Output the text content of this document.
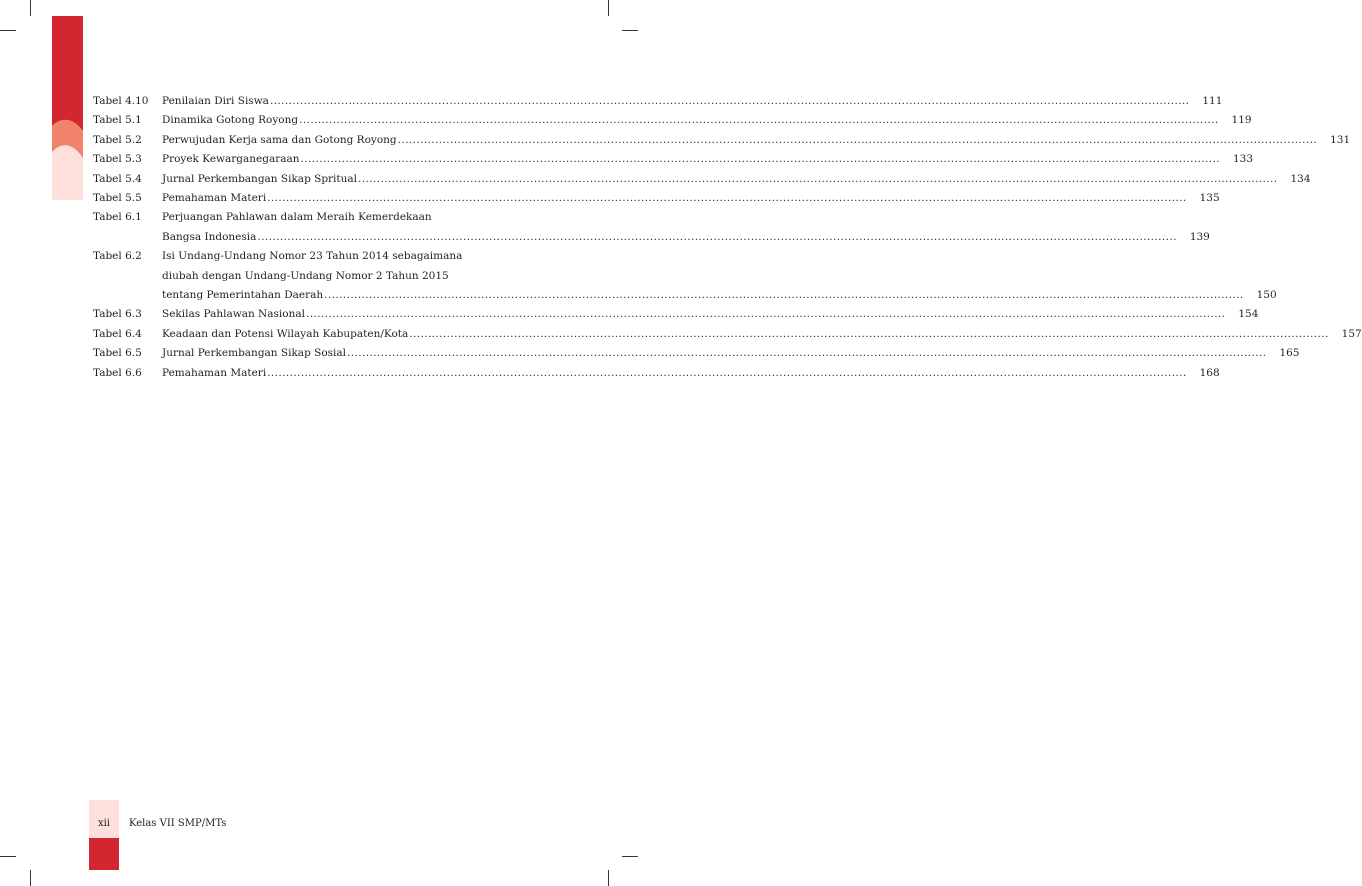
Tabel 4.10	Penilaian Diri Siswa .....	111
Tabel 5.1	Dinamika Gotong Royong .....	119
Tabel 5.2	Perwujudan Kerja sama dan Gotong Royong .....	131
Tabel 5.3	Proyek Kewarganegaraan .....	133
Tabel 5.4	Jurnal Perkembangan Sikap Spritual .....	134
Tabel 5.5	Pemahaman Materi .....	135
Tabel 6.1	Perjuangan Pahlawan dalam Meraih Kemerdekaan
Bangsa Indonesia .....	139
Tabel 6.2	Isi Undang-Undang Nomor 23 Tahun 2014 sebagaimana
diubah dengan Undang-Undang Nomor 2 Tahun 2015
tentang Pemerintahan Daerah .....	150
Tabel 6.3	Sekilas Pahlawan Nasional .....	154
Tabel 6.4	Keadaan dan Potensi Wilayah Kabupaten/Kota .....	157
Tabel 6.5	Jurnal Perkembangan Sikap Sosial .....	165
Tabel 6.6	Pemahaman Materi .....	168
xii	Kelas VII SMP/MTs
